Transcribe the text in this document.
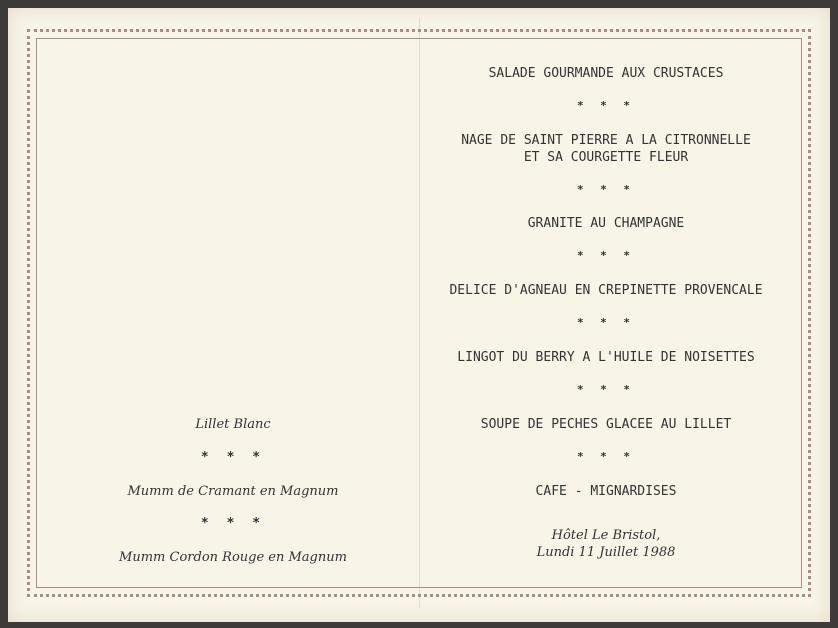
SALADE GOURMANDE AUX CRUSTACES
* * *
NAGE DE SAINT PIERRE A LA CITRONNELLE
ET SA COURGETTE FLEUR
* * *
GRANITE AU CHAMPAGNE
* * *
DELICE D'AGNEAU EN CREPINETTE PROVENCALE
* * *
LINGOT DU BERRY A L'HUILE DE NOISETTES
* * *
SOUPE DE PECHES GLACEE AU LILLET
* * *
CAFE - MIGNARDISES
Hôtel Le Bristol,
Lundi 11 Juillet 1988
Lillet Blanc
* * *
Mumm de Cramant en Magnum
* * *
Mumm Cordon Rouge en Magnum
